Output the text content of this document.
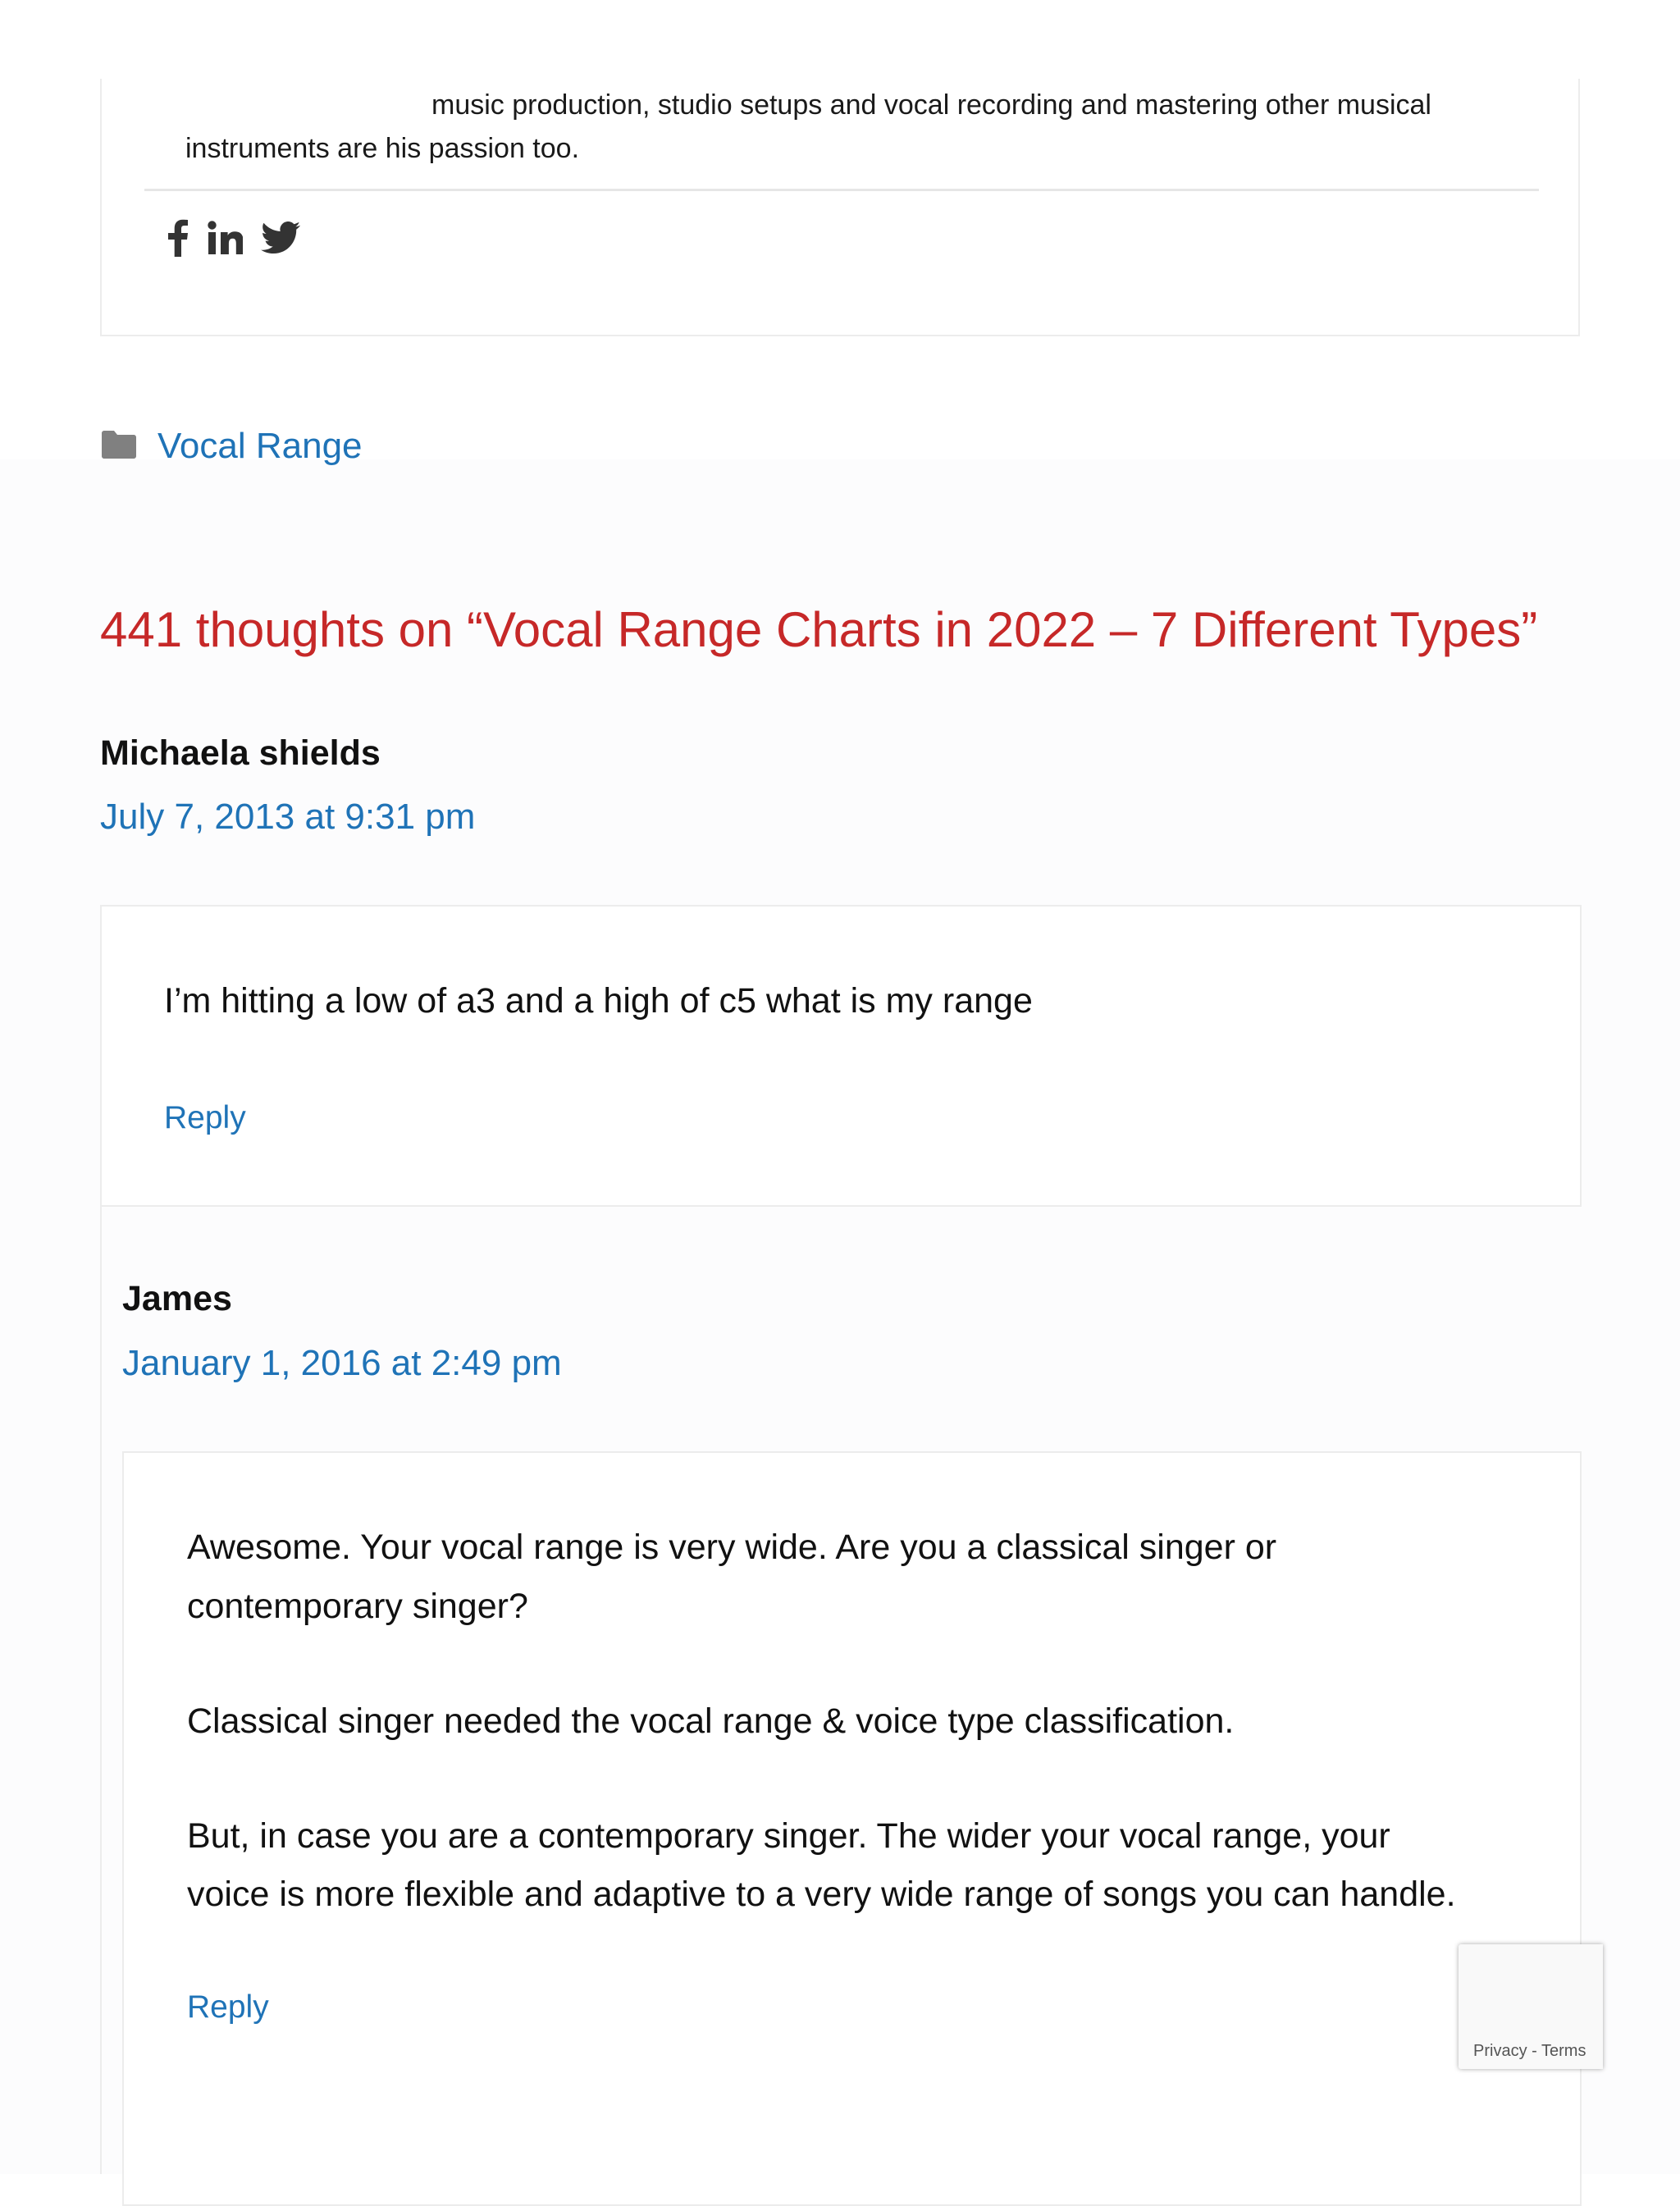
music production, studio setups and vocal recording and mastering other musical
instruments are his passion too.
Vocal Range
441 thoughts on “Vocal Range Charts in 2022 – 7 Different Types”
Michaela shields
July 7, 2013 at 9:31 pm

I’m hitting a low of a3 and a high of c5 what is my range

Reply
James
January 1, 2016 at 2:49 pm

Awesome. Your vocal range is very wide. Are you a classical singer or

contemporary singer?

Classical singer needed the vocal range & voice type classification.

But, in case you are a contemporary singer. The wider your vocal range, your

voice is more flexible and adaptive to a very wide range of songs you can handle.

Reply
Privacy - Terms
